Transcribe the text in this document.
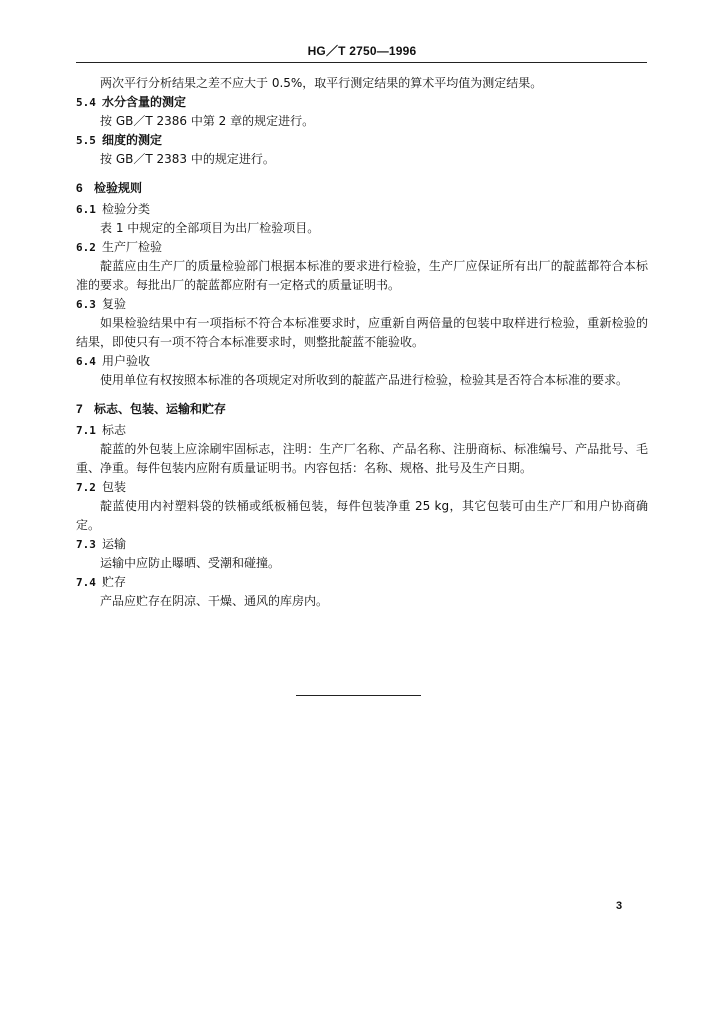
HG／T 2750—1996

两次平行分析结果之差不应大于 0.5%，取平行测定结果的算术平均值为测定结果。

5.4 水分含量的测定

按 GB／T 2386 中第 2 章的规定进行。

5.5 细度的测定

按 GB／T 2383 中的规定进行。

6 检验规则

6.1 检验分类

表 1 中规定的全部项目为出厂检验项目。

6.2 生产厂检验

靛蓝应由生产厂的质量检验部门根据本标准的要求进行检验，生产厂应保证所有出厂的靛蓝都符合本标准的要求。每批出厂的靛蓝都应附有一定格式的质量证明书。

6.3 复验

如果检验结果中有一项指标不符合本标准要求时，应重新自两倍量的包装中取样进行检验，重新检验的结果，即使只有一项不符合本标准要求时，则整批靛蓝不能验收。

6.4 用户验收

使用单位有权按照本标准的各项规定对所收到的靛蓝产品进行检验，检验其是否符合本标准的要求。

7 标志、包装、运输和贮存

7.1 标志

靛蓝的外包装上应涂刷牢固标志，注明：生产厂名称、产品名称、注册商标、标准编号、产品批号、毛重、净重。每件包装内应附有质量证明书。内容包括：名称、规格、批号及生产日期。

7.2 包装

靛蓝使用内衬塑料袋的铁桶或纸板桶包装，每件包装净重 25 kg，其它包装可由生产厂和用户协商确定。

7.3 运输

运输中应防止曝晒、受潮和碰撞。

7.4 贮存

产品应贮存在阴凉、干燥、通风的库房内。

3
